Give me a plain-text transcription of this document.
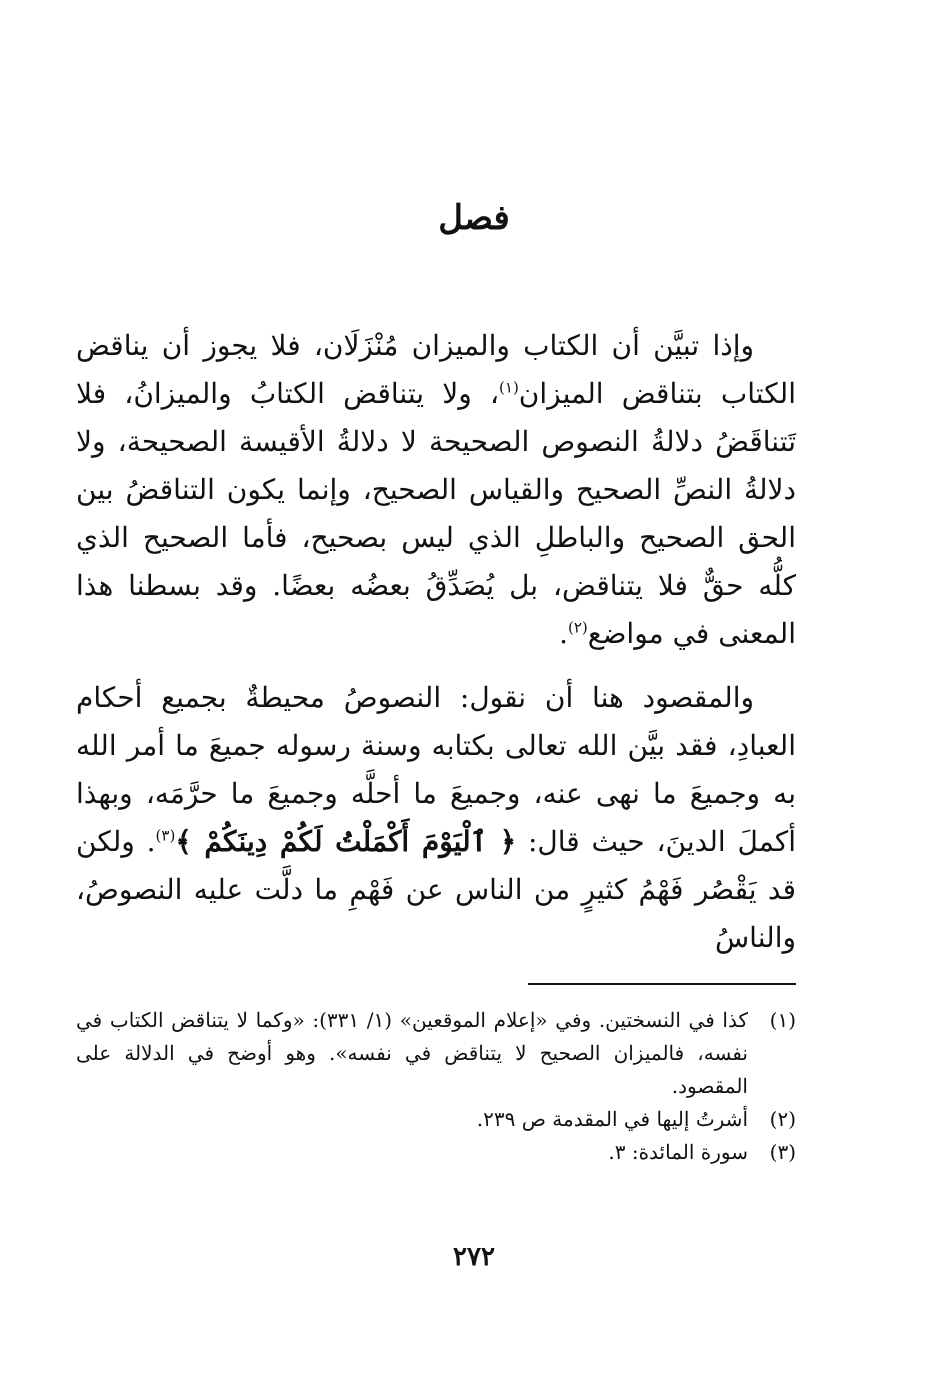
فصل

وإذا تبيَّن أن الكتاب والميزان مُنْزَلَان، فلا يجوز أن يناقض الكتاب بتناقض الميزان$^{(١)}$، ولا يتناقض الكتابُ والميزانُ، فلا تَتناقَضُ دلالةُ النصوص الصحيحة لا دلالةُ الأقيسة الصحيحة، ولا دلالةُ النصِّ الصحيح والقياس الصحيح، وإنما يكون التناقضُ بين الحق الصحيح والباطلِ الذي ليس بصحيح، فأما الصحيح الذي كلُّه حقٌّ فلا يتناقض، بل يُصَدِّقُ بعضُه بعضًا. وقد بسطنا هذا المعنى في مواضع$^{(٢)}$.

والمقصود هنا أن نقول: النصوصُ محيطةٌ بجميع أحكام العبادِ، فقد بيَّن الله تعالى بكتابه وسنة رسوله جميعَ ما أمر الله به وجميعَ ما نهى عنه، وجميعَ ما أحلَّه وجميعَ ما حرَّمَه، وبهذا أكملَ الدينَ، حيث قال: ﴿ ٱلْيَوْمَ أَكْمَلْتُ لَكُمْ دِينَكُمْ ﴾$^{(٣)}$. ولكن قد يَقْصُر فَهْمُ كثيرٍ من الناس عن فَهْمِ ما دلَّت عليه النصوصُ، والناسُ

(١)
كذا في النسختين. وفي «إعلام الموقعين» (١/ ٣٣١): «وكما لا يتناقض الكتاب في نفسه، فالميزان الصحيح لا يتناقض في نفسه». وهو أوضح في الدلالة على المقصود.
(٢)
أشرتُ إليها في المقدمة ص ٢٣٩.
(٣)
سورة المائدة: ٣.
٢٧٢
